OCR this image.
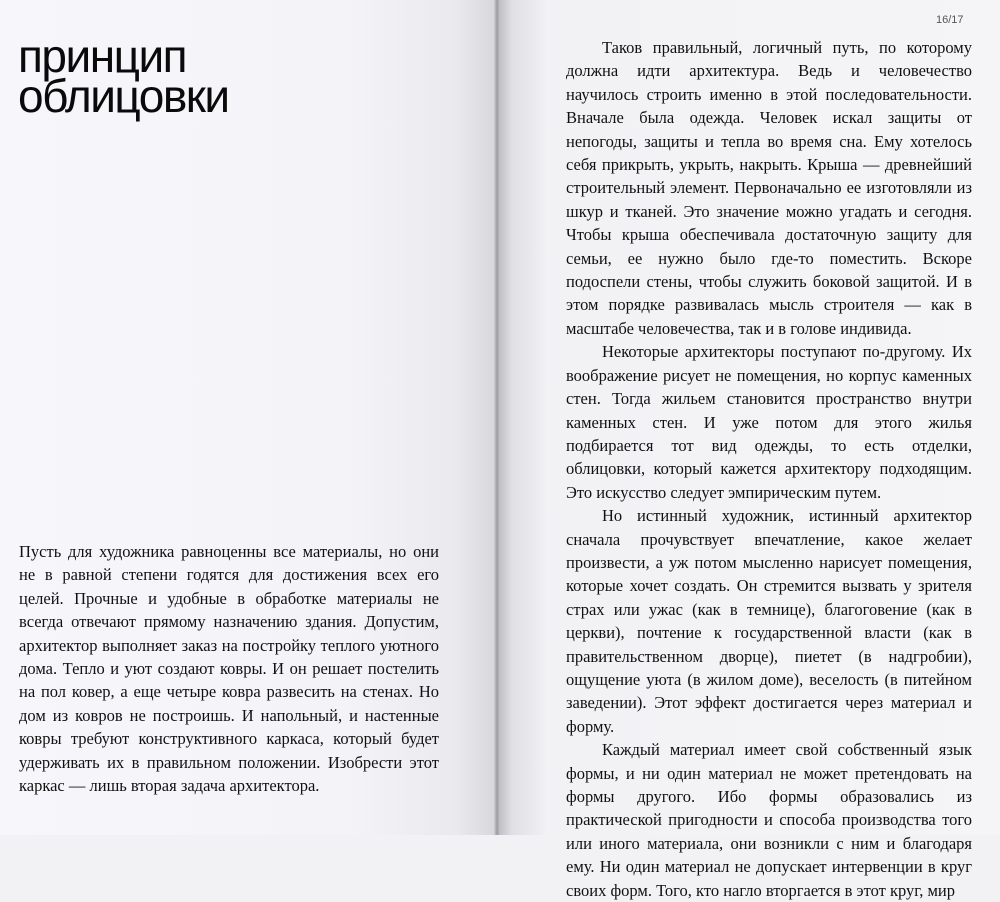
принцип
облицовки

Пусть для художника равноценны все материалы, но они не в равной степени годятся для достижения всех его целей. Прочные и удобные в обработке материалы не всегда отвечают прямому назначению здания. Допустим, архитектор выполняет заказ на постройку теплого уютного дома. Тепло и уют создают ковры. И он решает постелить на пол ковер, а еще четыре ковра развесить на стенах. Но дом из ковров не построишь. И напольный, и настенные ковры требуют конструктивного каркаса, который будет удерживать их в правильном положении. Изобрести этот каркас — лишь вторая задача архитектора.

16/17

Таков правильный, логичный путь, по которому должна идти архитектура. Ведь и человечество научилось строить именно в этой последовательности. Вначале была одежда. Человек искал защиты от непогоды, защиты и тепла во время сна. Ему хотелось себя прикрыть, укрыть, накрыть. Крыша — древнейший строительный элемент. Первоначально ее изготовляли из шкур и тканей. Это значение можно угадать и сегодня. Чтобы крыша обеспечивала достаточную защиту для семьи, ее нужно было где-то поместить. Вскоре подоспели стены, чтобы служить боковой защитой. И в этом порядке развивалась мысль строителя — как в масштабе человечества, так и в голове индивида.

Некоторые архитекторы поступают по-другому. Их воображение рисует не помещения, но корпус каменных стен. Тогда жильем становится пространство внутри каменных стен. И уже потом для этого жилья подбирается тот вид одежды, то есть отделки, облицовки, который кажется архитектору подходящим. Это искусство следует эмпирическим путем.

Но истинный художник, истинный архитектор сначала прочувствует впечатление, какое желает произвести, а уж потом мысленно нарисует помещения, которые хочет создать. Он стремится вызвать у зрителя страх или ужас (как в темнице), благоговение (как в церкви), почтение к государственной власти (как в правительственном дворце), пиетет (в надгробии), ощущение уюта (в жилом доме), веселость (в питейном заведении). Этот эффект достигается через материал и форму.

Каждый материал имеет свой собственный язык формы, и ни один материал не может претендовать на формы другого. Ибо формы образовались из практической пригодности и способа производства того или иного материала, они возникли с ним и благодаря ему. Ни один материал не допускает интервенции в круг своих форм. Того, кто нагло вторгается в этот круг, мир
